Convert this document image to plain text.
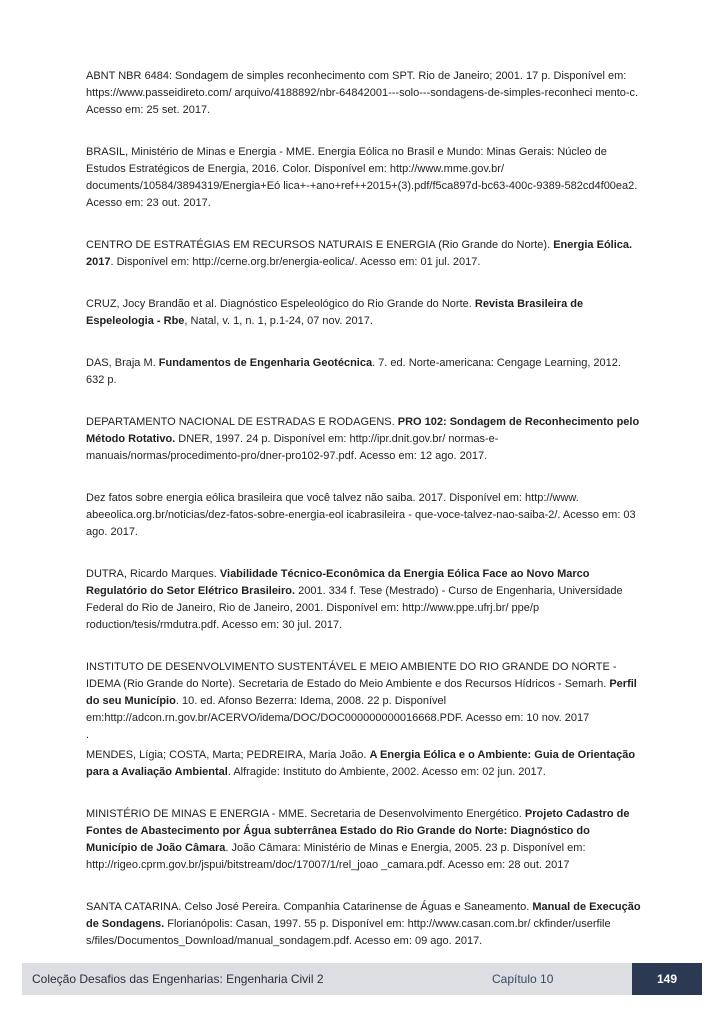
ABNT NBR 6484: Sondagem de simples reconhecimento com SPT. Rio de Janeiro; 2001. 17 p. Disponível em: https://www.passeidireto.com/ arquivo/4188892/nbr-64842001---solo---sondagens-de-simples-reconheci mento-c. Acesso em: 25 set. 2017.

BRASIL, Ministério de Minas e Energia - MME. Energia Eólica no Brasil e Mundo: Minas Gerais: Núcleo de Estudos Estratégicos de Energia, 2016. Color. Disponível em: http://www.mme.gov.br/ documents/10584/3894319/Energia+Eó lica+-+ano+ref++2015+(3).pdf/f5ca897d-bc63-400c-9389-582cd4f00ea2. Acesso em: 23 out. 2017.

CENTRO DE ESTRATÉGIAS EM RECURSOS NATURAIS E ENERGIA (Rio Grande do Norte). Energia Eólica. 2017. Disponível em: http://cerne.org.br/energia-eolica/. Acesso em: 01 jul. 2017.

CRUZ, Jocy Brandão et al. Diagnóstico Espeleológico do Rio Grande do Norte. Revista Brasileira de Espeleologia - Rbe, Natal, v. 1, n. 1, p.1-24, 07 nov. 2017.

DAS, Braja M. Fundamentos de Engenharia Geotécnica. 7. ed. Norte-americana: Cengage Learning, 2012. 632 p.

DEPARTAMENTO NACIONAL DE ESTRADAS E RODAGENS. PRO 102: Sondagem de Reconhecimento pelo Método Rotativo. DNER, 1997. 24 p. Disponível em: http://ipr.dnit.gov.br/ normas-e-manuais/normas/procedimento-pro/dner-pro102-97.pdf. Acesso em: 12 ago. 2017.

Dez fatos sobre energia eólica brasileira que você talvez não saiba. 2017. Disponível em: http://www. abeeolica.org.br/noticias/dez-fatos-sobre-energia-eol icabrasileira - que-voce-talvez-nao-saiba-2/. Acesso em: 03 ago. 2017.

DUTRA, Ricardo Marques. Viabilidade Técnico-Econômica da Energia Eólica Face ao Novo Marco Regulatório do Setor Elétrico Brasileiro. 2001. 334 f. Tese (Mestrado) - Curso de Engenharia, Universidade Federal do Rio de Janeiro, Rio de Janeiro, 2001. Disponível em: http://www.ppe.ufrj.br/ ppe/p roduction/tesis/rmdutra.pdf. Acesso em: 30 jul. 2017.

INSTITUTO DE DESENVOLVIMENTO SUSTENTÁVEL E MEIO AMBIENTE DO RIO GRANDE DO NORTE - IDEMA (Rio Grande do Norte). Secretaria de Estado do Meio Ambiente e dos Recursos Hídricos - Semarh. Perfil do seu Município. 10. ed. Afonso Bezerra: Idema, 2008. 22 p. Disponível em:http://adcon.rn.gov.br/ACERVO/idema/DOC/DOC000000000016668.PDF. Acesso em: 10 nov. 2017

.

MENDES, Lígia; COSTA, Marta; PEDREIRA, Maria João. A Energia Eólica e o Ambiente: Guia de Orientação para a Avaliação Ambiental. Alfragide: Instituto do Ambiente, 2002. Acesso em: 02 jun. 2017.

MINISTÉRIO DE MINAS E ENERGIA - MME. Secretaria de Desenvolvimento Energético. Projeto Cadastro de Fontes de Abastecimento por Água subterrânea Estado do Rio Grande do Norte: Diagnóstico do Município de João Câmara. João Câmara: Ministério de Minas e Energia, 2005. 23 p. Disponível em: http://rigeo.cprm.gov.br/jspui/bitstream/doc/17007/1/rel_joao _camara.pdf. Acesso em: 28 out. 2017

SANTA CATARINA. Celso José Pereira. Companhia Catarinense de Águas e Saneamento. Manual de Execução de Sondagens. Florianópolis: Casan, 1997. 55 p. Disponível em: http://www.casan.com.br/ ckfinder/userfile s/files/Documentos_Download/manual_sondagem.pdf. Acesso em: 09 ago. 2017.

Coleção Desafios das Engenharias: Engenharia Civil 2	Capítulo 10	149
